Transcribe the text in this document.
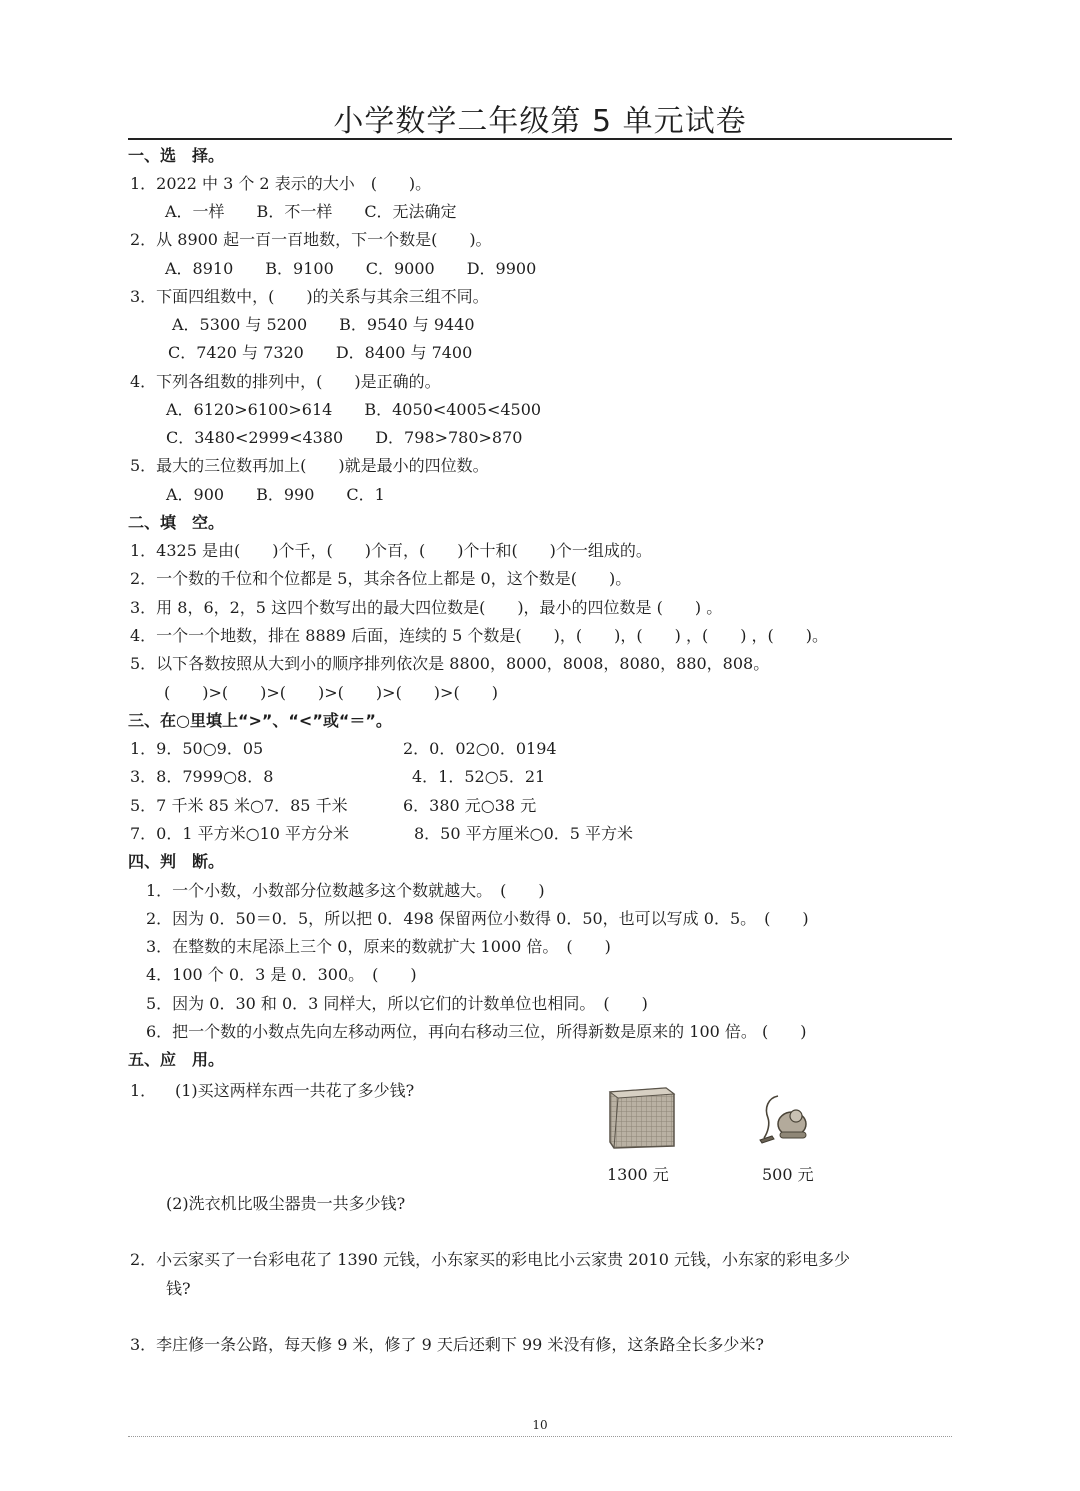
小学数学二年级第 5 单元试卷
一、选　择。
1．2022 中 3 个 2 表示的大小　(　　)。
A．一样　　B．不一样　　C．无法确定
2．从 8900 起一百一百地数，下一个数是(　　)。
A．8910　　B．9100　　C．9000　　D．9900
3．下面四组数中，(　　)的关系与其余三组不同。
A．5300 与 5200　　B．9540 与 9440
C．7420 与 7320　　D．8400 与 7400
4．下列各组数的排列中，(　　)是正确的。
A．6120>6100>614　　B．4050<4005<4500
C．3480<2999<4380　　D．798>780>870
5．最大的三位数再加上(　　)就是最小的四位数。
A．900　　B．990　　C．1
二、填　空。
1．4325 是由(　　)个千，(　　)个百，(　　)个十和(　　)个一组成的。
2．一个数的千位和个位都是 5，其余各位上都是 0，这个数是(　　)。
3．用 8，6，2，5 这四个数写出的最大四位数是(　　)，最小的四位数是 (　　) 。
4．一个一个地数，排在 8889 后面，连续的 5 个数是(　　)，(　　)，(　　) ，(　　) ，(　　)。
5．以下各数按照从大到小的顺序排列依次是 8800，8000，8008，8080，880，808。
(　　)>(　　)>(　　)>(　　)>(　　)>(　　)
三、在○里填上“>”、“<”或“＝”。
1．9．50○9．05	2．0．02○0．0194
3．8．7999○8．8	4．1．52○5．21
5．7 千米 85 米○7．85 千米	6．380 元○38 元
7．0．1 平方米○10 平方分米	8．50 平方厘米○0．5 平方米
四、判　断。
1．一个小数，小数部分位数越多这个数就越大。　(　　)
2．因为 0．50＝0．5，所以把 0．498 保留两位小数得 0．50，也可以写成 0．5。　(　　)
3．在整数的末尾添上三个 0，原来的数就扩大 1000 倍。　(　　)
4．100 个 0．3 是 0．300。　(　　)
5．因为 0．30 和 0．3 同样大，所以它们的计数单位也相同。　(　　)
6．把一个数的小数点先向左移动两位，再向右移动三位，所得新数是原来的 100 倍。 (　　)
五、应　用。
1． (1)买这两样东西一共花了多少钱?
1300 元	500 元
(2)洗衣机比吸尘器贵一共多少钱?
2．小云家买了一台彩电花了 1390 元钱，小东家买的彩电比小云家贵 2010 元钱，小东家的彩电多少
钱?
3．李庄修一条公路，每天修 9 米，修了 9 天后还剩下 99 米没有修，这条路全长多少米?
10
